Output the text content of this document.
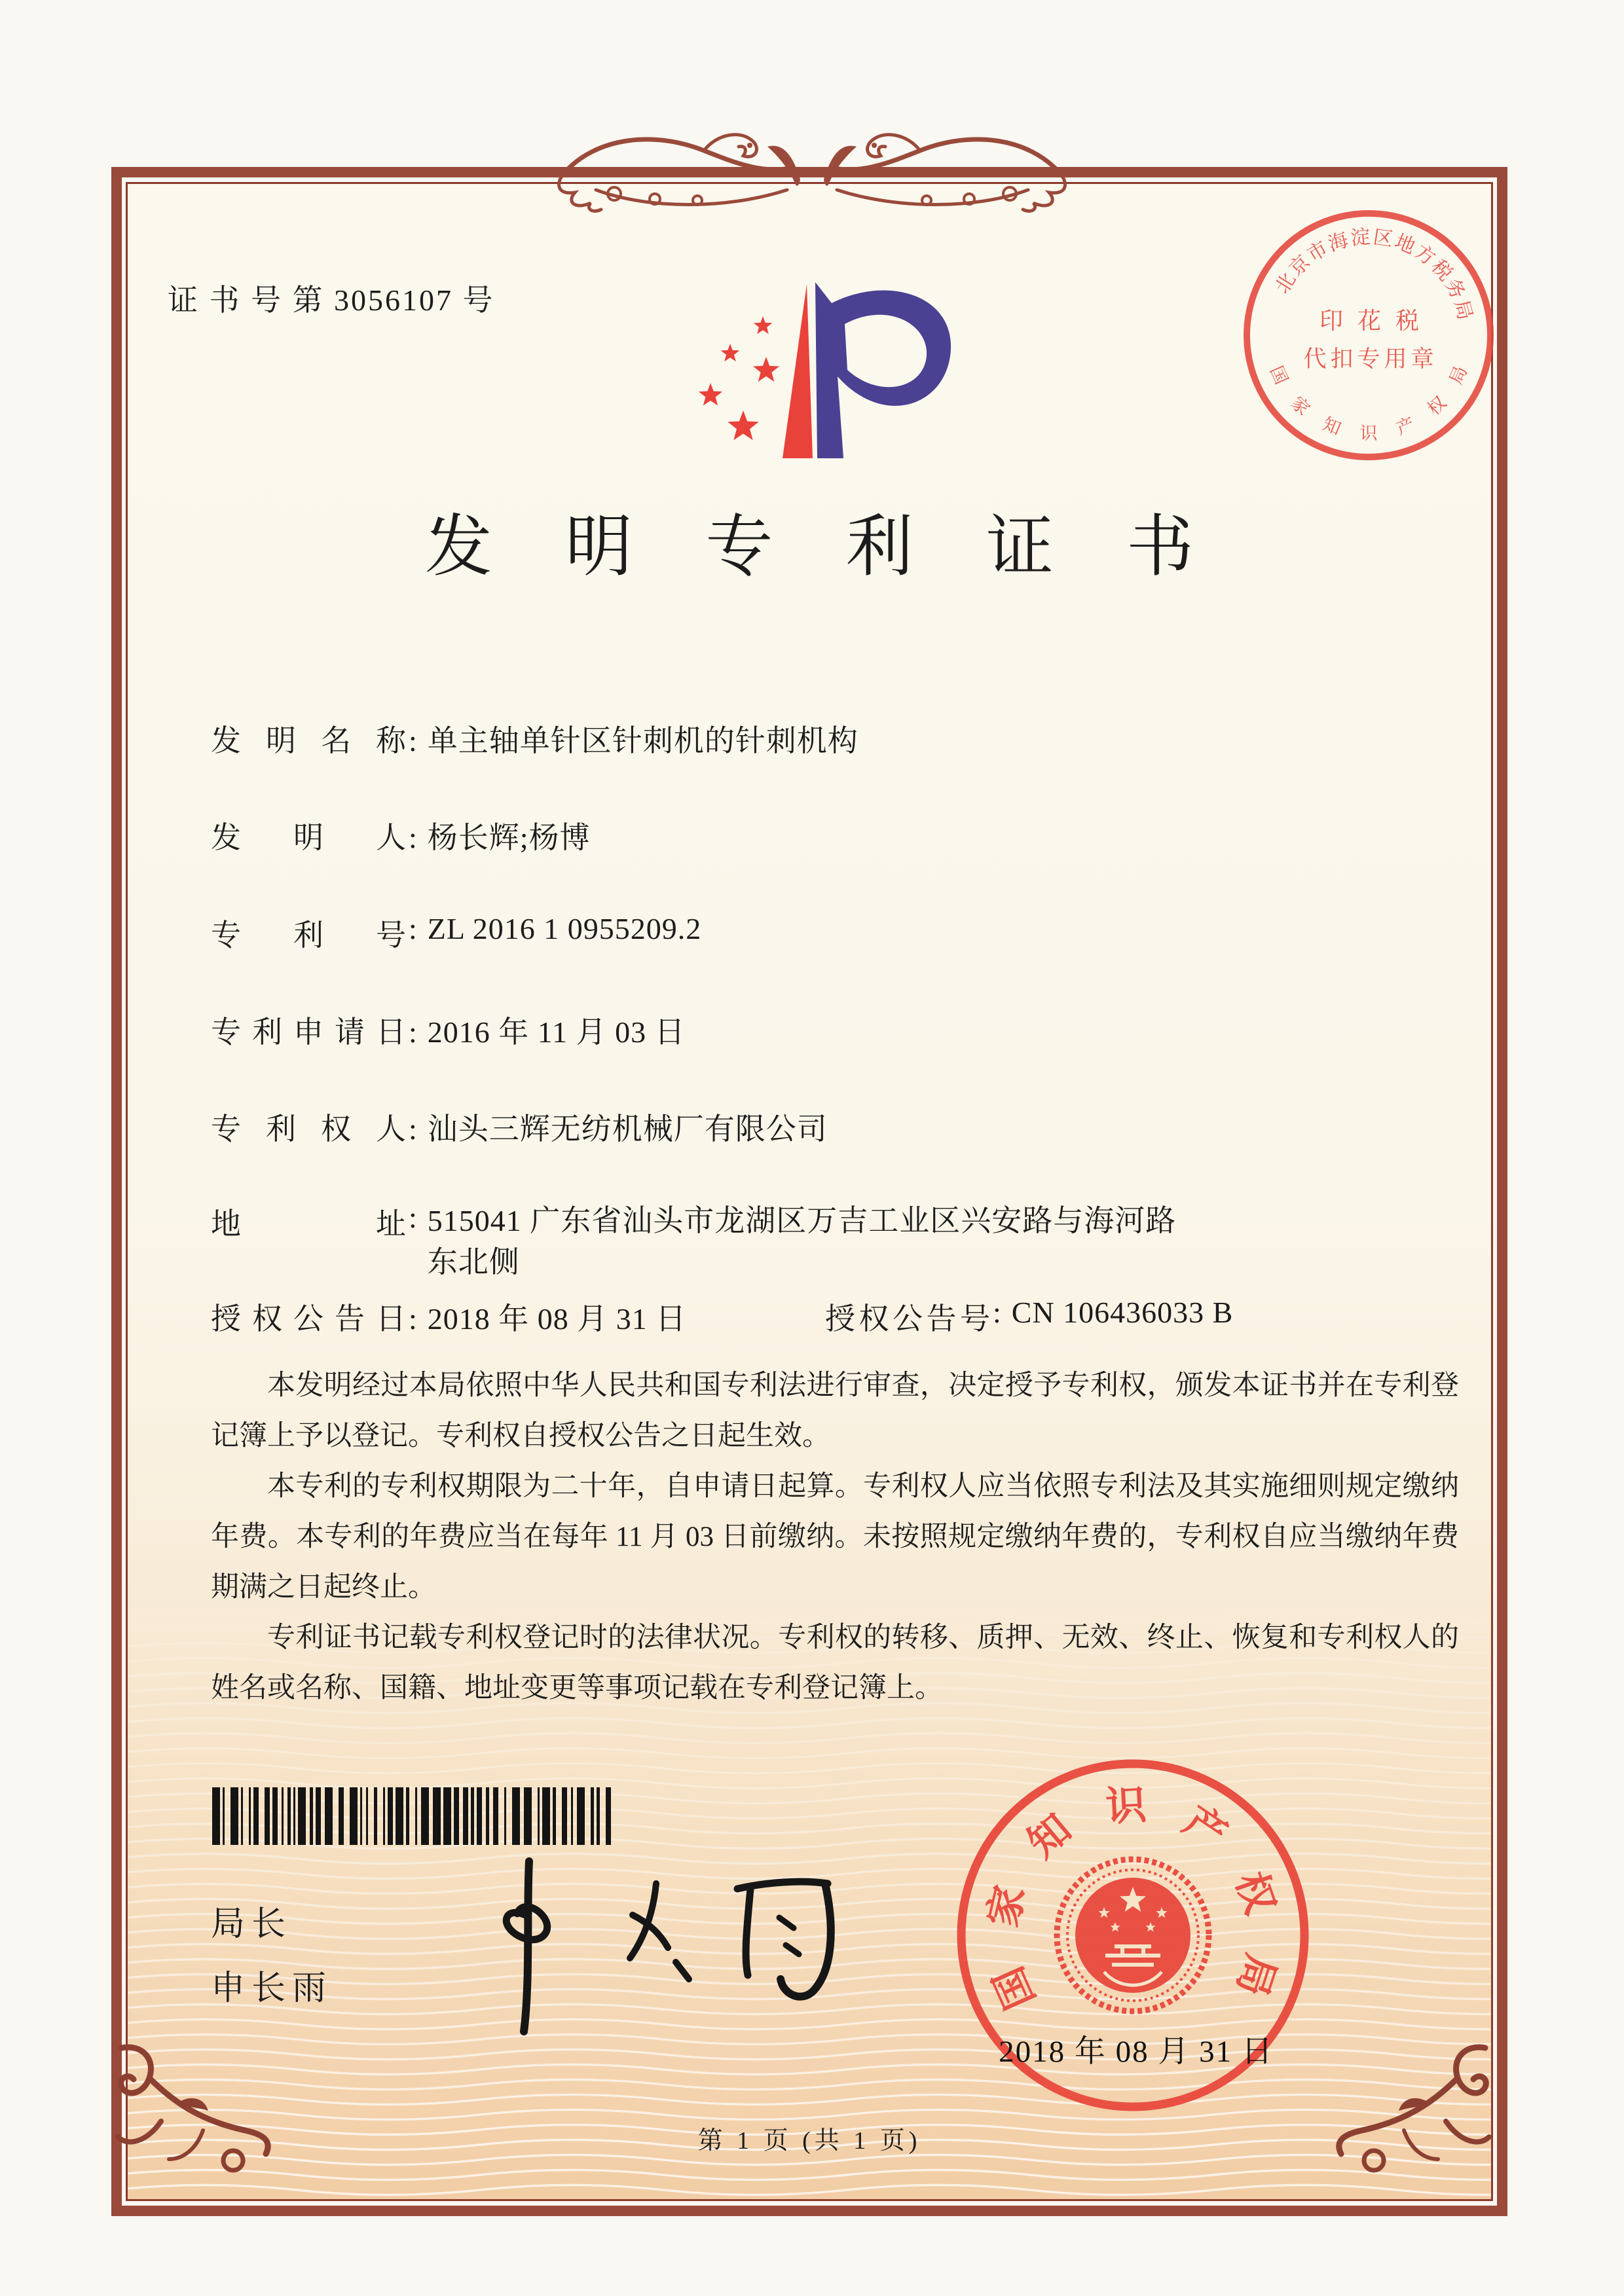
证 书 号 第 3056107 号
北
京
市
海
淀 区
地
方
税
务
局
国
家
知 识 产
权
局
印花税
代扣专用章
发明专利证书
发 明 名 称 : 单主轴单针区针刺机的针刺机构
发 明 人 : 杨长辉;杨博
专 利 号 : ZL 2016 1 0955209.2
专 利 申 请 日 : 2016 年 11 月 03 日
专 利 权 人 : 汕头三辉无纺机械厂有限公司
地	址 : 515041 广东省汕头市龙湖区万吉工业区兴安路与海河路
东北侧
授 权 公 告 日 : 2018 年 08 月 31 日	授 权 公 告 号 : CN 106436033 B

本发明经过本局依照中华人民共和国专利法进行审查，决定授予专利权，颁发本证书并在专利登记簿上予以登记。专利权自授权公告之日起生效。

本专利的专利权期限为二十年，自申请日起算。专利权人应当依照专利法及其实施细则规定缴纳年费。本专利的年费应当在每年 11 月 03 日前缴纳。未按照规定缴纳年费的，专利权自应当缴纳年费期满之日起终止。

专利证书记载专利权登记时的法律状况。专利权的转移、质押、无效、终止、恢复和专利权人的姓名或名称、国籍、地址变更等事项记载在专利登记簿上。

局长
申长雨	国
家
知 识 产
权
局
2018 年 08 月 31 日
第 1 页 (共 1 页)
